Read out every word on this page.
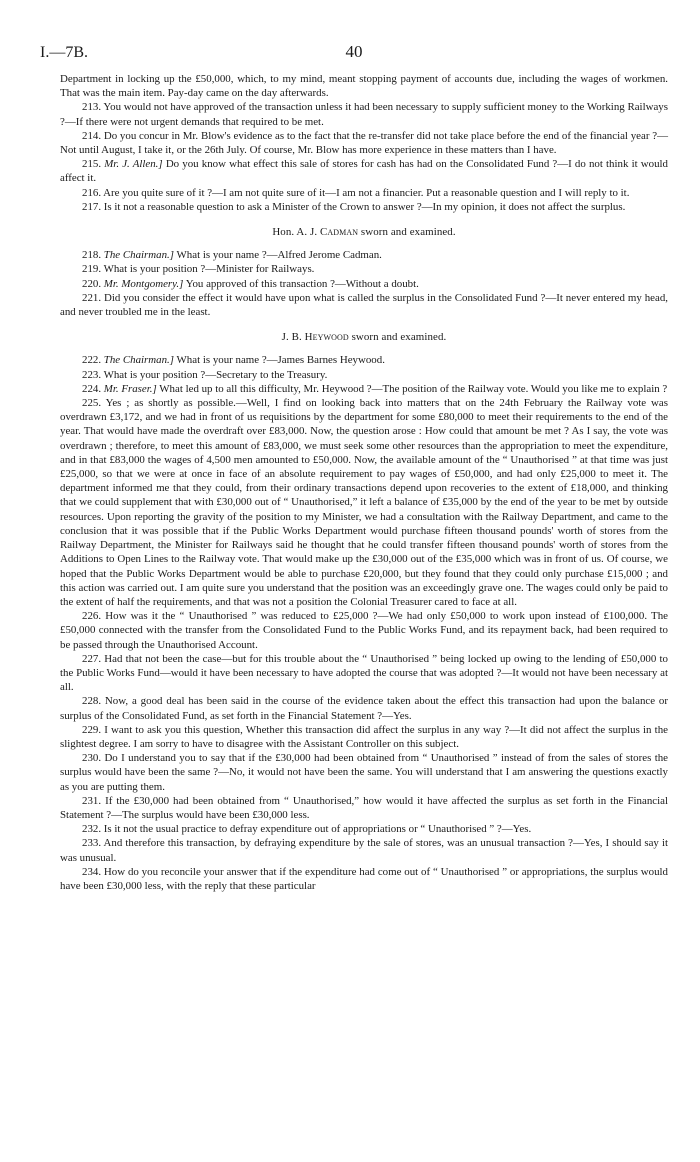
I.—7B.	40

Department in locking up the £50,000, which, to my mind, meant stopping payment of accounts due, including the wages of workmen. That was the main item. Pay-day came on the day afterwards.

213. You would not have approved of the transaction unless it had been necessary to supply sufficient money to the Working Railways ?—If there were not urgent demands that required to be met.

214. Do you concur in Mr. Blow's evidence as to the fact that the re-transfer did not take place before the end of the financial year ?—Not until August, I take it, or the 26th July. Of course, Mr. Blow has more experience in these matters than I have.

215. Mr. J. Allen.] Do you know what effect this sale of stores for cash has had on the Consolidated Fund ?—I do not think it would affect it.

216. Are you quite sure of it ?—I am not quite sure of it—I am not a financier. Put a reasonable question and I will reply to it.

217. Is it not a reasonable question to ask a Minister of the Crown to answer ?—In my opinion, it does not affect the surplus.

Hon. A. J. Cadman sworn and examined.

218. The Chairman.] What is your name ?—Alfred Jerome Cadman.

219. What is your position ?—Minister for Railways.

220. Mr. Montgomery.] You approved of this transaction ?—Without a doubt.

221. Did you consider the effect it would have upon what is called the surplus in the Consolidated Fund ?—It never entered my head, and never troubled me in the least.

J. B. Heywood sworn and examined.

222. The Chairman.] What is your name ?—James Barnes Heywood.

223. What is your position ?—Secretary to the Treasury.

224. Mr. Fraser.] What led up to all this difficulty, Mr. Heywood ?—The position of the Railway vote. Would you like me to explain ?

225. Yes ; as shortly as possible.—Well, I find on looking back into matters that on the 24th February the Railway vote was overdrawn £3,172, and we had in front of us requisitions by the department for some £80,000 to meet their requirements to the end of the year. That would have made the overdraft over £83,000. Now, the question arose : How could that amount be met ? As I say, the vote was overdrawn ; therefore, to meet this amount of £83,000, we must seek some other resources than the appropriation to meet the expenditure, and in that £83,000 the wages of 4,500 men amounted to £50,000. Now, the available amount of the “ Unauthorised ” at that time was just £25,000, so that we were at once in face of an absolute requirement to pay wages of £50,000, and had only £25,000 to meet it. The department informed me that they could, from their ordinary transactions depend upon recoveries to the extent of £18,000, and thinking that we could supplement that with £30,000 out of “ Unauthorised,” it left a balance of £35,000 by the end of the year to be met by outside resources. Upon reporting the gravity of the position to my Minister, we had a consultation with the Railway Department, and came to the conclusion that it was possible that if the Public Works Department would purchase fifteen thousand pounds' worth of stores from the Railway Department, the Minister for Railways said he thought that he could transfer fifteen thousand pounds' worth of stores from the Additions to Open Lines to the Railway vote. That would make up the £30,000 out of the £35,000 which was in front of us. Of course, we hoped that the Public Works Department would be able to purchase £20,000, but they found that they could only purchase £15,000 ; and this action was carried out. I am quite sure you understand that the position was an exceedingly grave one. The wages could only be paid to the extent of half the requirements, and that was not a position the Colonial Treasurer cared to face at all.

226. How was it the “ Unauthorised ” was reduced to £25,000 ?—We had only £50,000 to work upon instead of £100,000. The £50,000 connected with the transfer from the Consolidated Fund to the Public Works Fund, and its repayment back, had been required to be passed through the Unauthorised Account.

227. Had that not been the case—but for this trouble about the “ Unauthorised ” being locked up owing to the lending of £50,000 to the Public Works Fund—would it have been necessary to have adopted the course that was adopted ?—It would not have been necessary at all.

228. Now, a good deal has been said in the course of the evidence taken about the effect this transaction had upon the balance or surplus of the Consolidated Fund, as set forth in the Financial Statement ?—Yes.

229. I want to ask you this question, Whether this transaction did affect the surplus in any way ?—It did not affect the surplus in the slightest degree. I am sorry to have to disagree with the Assistant Controller on this subject.

230. Do I understand you to say that if the £30,000 had been obtained from “ Unauthorised ” instead of from the sales of stores the surplus would have been the same ?—No, it would not have been the same. You will understand that I am answering the questions exactly as you are putting them.

231. If the £30,000 had been obtained from “ Unauthorised,” how would it have affected the surplus as set forth in the Financial Statement ?—The surplus would have been £30,000 less.

232. Is it not the usual practice to defray expenditure out of appropriations or “ Unauthorised ” ?—Yes.

233. And therefore this transaction, by defraying expenditure by the sale of stores, was an unusual transaction ?—Yes, I should say it was unusual.

234. How do you reconcile your answer that if the expenditure had come out of “ Unauthorised ” or appropriations, the surplus would have been £30,000 less, with the reply that these particular
